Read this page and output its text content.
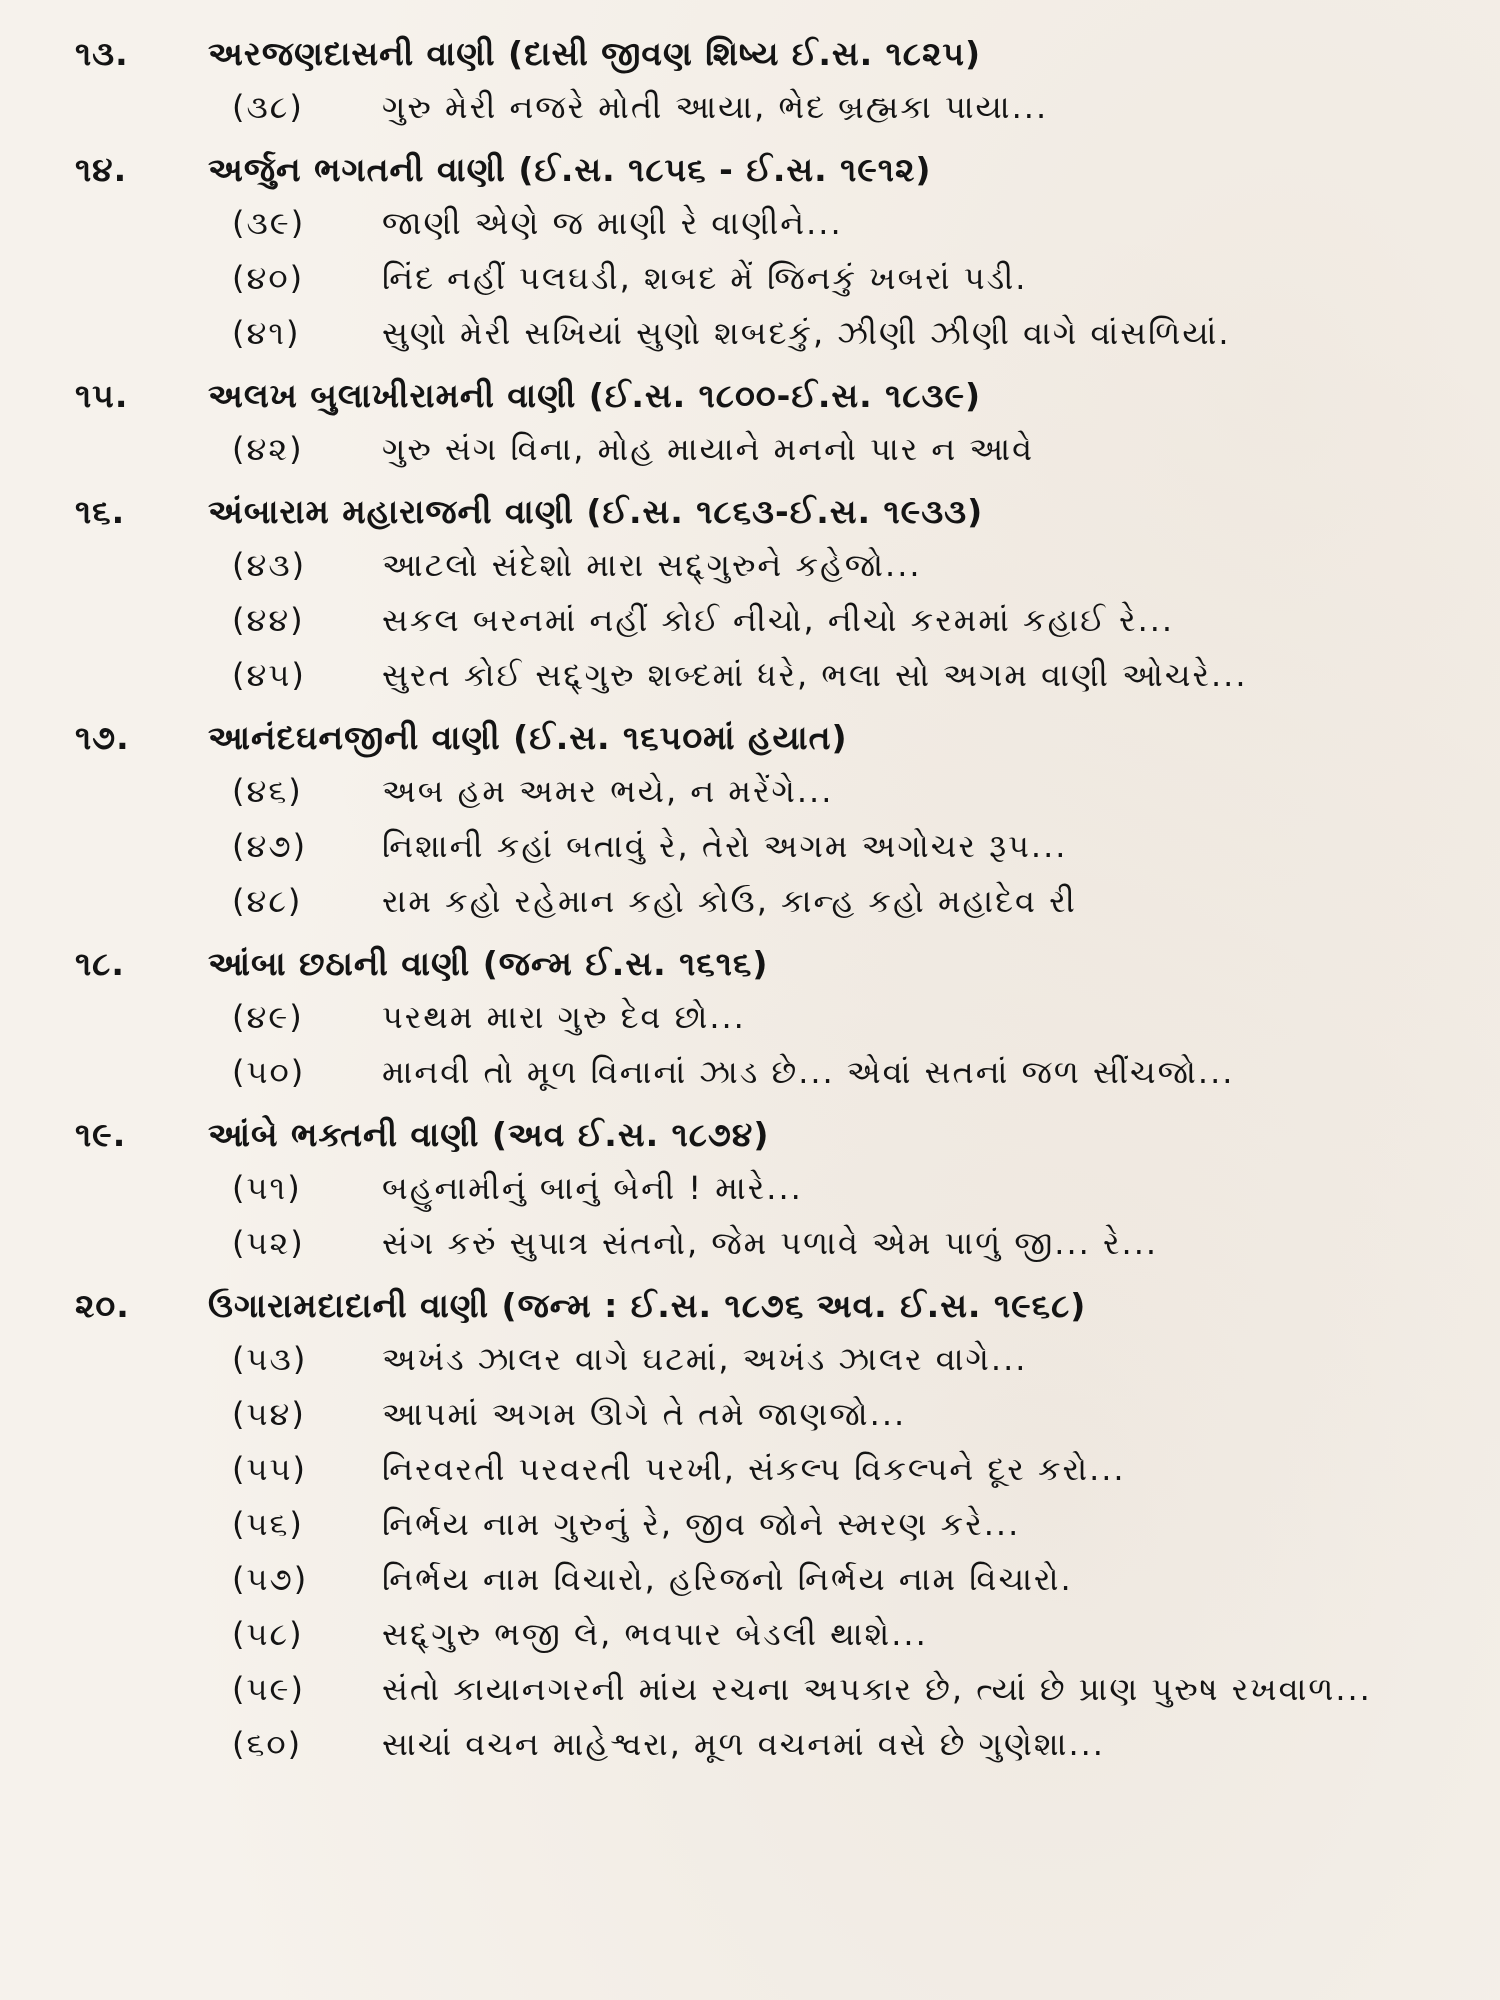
૧૩.	અરજણદાસની વાણી (દાસી જીવણ શિષ્ય ઈ.સ. ૧૮૨૫)
(૩૮)	ગુરુ મેરી નજરે મોતી આયા, ભેદ બ્રહ્મકા પાયા...
૧૪.	અર્જુન ભગતની વાણી (ઈ.સ. ૧૮૫૬ - ઈ.સ. ૧૯૧૨)
(૩૯)	જાણી એણે જ માણી રે વાણીને...
(૪૦)	નિંદ નહીં પલઘડી, શબદ મેં જિનકું ખબરાં પડી.
(૪૧)	સુણો મેરી સખિયાં સુણો શબદકું, ઝીણી ઝીણી વાગે વાંસળિયાં.
૧૫.	અલખ બુલાખીરામની વાણી (ઈ.સ. ૧૮૦૦-ઈ.સ. ૧૮૩૯)
(૪૨)	ગુરુ સંગ વિના, મોહ માયાને મનનો પાર ન આવે
૧૬.	અંબારામ મહારાજની વાણી (ઈ.સ. ૧૮૬૩-ઈ.સ. ૧૯૩૩)
(૪૩)	આટલો સંદેશો મારા સદ્દ્ગુરુને કહેજો...
(૪૪)	સકલ બરનમાં નહીં કોઈ નીચો, નીચો કરમમાં કહાઈ રે...
(૪૫)	સુરત કોઈ સદ્દ્ગુરુ શબ્દમાં ધરે, ભલા સો અગમ વાણી ઓચરે...
૧૭.	આનંદઘનજીની વાણી (ઈ.સ. ૧૬૫૦માં હયાત)
(૪૬)	અબ હમ અમર ભયે, ન મરેંગે...
(૪૭)	નિશાની કહાં બતાવું રે, તેરો અગમ અગોચર રૂપ...
(૪૮)	રામ કહો રહેમાન કહો કોઉ, કાન્હ કહો મહાદેવ રી
૧૮.	આંબા છઠાની વાણી (જન્મ ઈ.સ. ૧૬૧૬)
(૪૯)	પરથમ મારા ગુરુ દેવ છો...
(૫૦)	માનવી તો મૂળ વિનાનાં ઝાડ છે... એવાં સતનાં જળ સીંચજો...
૧૯.	આંબે ભક્તની વાણી (અવ ઈ.સ. ૧૮૭૪)
(૫૧)	બહુનામીનું બાનું બેની ! મારે...
(૫૨)	સંગ કરું સુપાત્ર સંતનો, જેમ પળાવે એમ પાળું જી... રે...
૨૦.	ઉગારામદાદાની વાણી (જન્મ : ઈ.સ. ૧૮૭૬ અવ. ઈ.સ. ૧૯૬૮)
(૫૩)	અખંડ ઝાલર વાગે ઘટમાં, અખંડ ઝાલર વાગે...
(૫૪)	આપમાં અગમ ઊગે તે તમે જાણજો...
(૫૫)	નિરવરતી પરવરતી પરખી, સંકલ્પ વિકલ્પને દૂર કરો...
(૫૬)	નિર્ભય નામ ગુરુનું રે, જીવ જોને સ્મરણ કરે...
(૫૭)	નિર્ભય નામ વિચારો, હરિજનો નિર્ભય નામ વિચારો.
(૫૮)	સદ્દ્ગુરુ ભજી લે, ભવપાર બેડલી થાશે...
(૫૯)	સંતો કાયાનગરની માંય રચના અપકાર છે, ત્યાં છે પ્રાણ પુરુષ રખવાળ...
(૬૦)	સાચાં વચન માહેશ્વરા, મૂળ વચનમાં વસે છે ગુણેશા...
